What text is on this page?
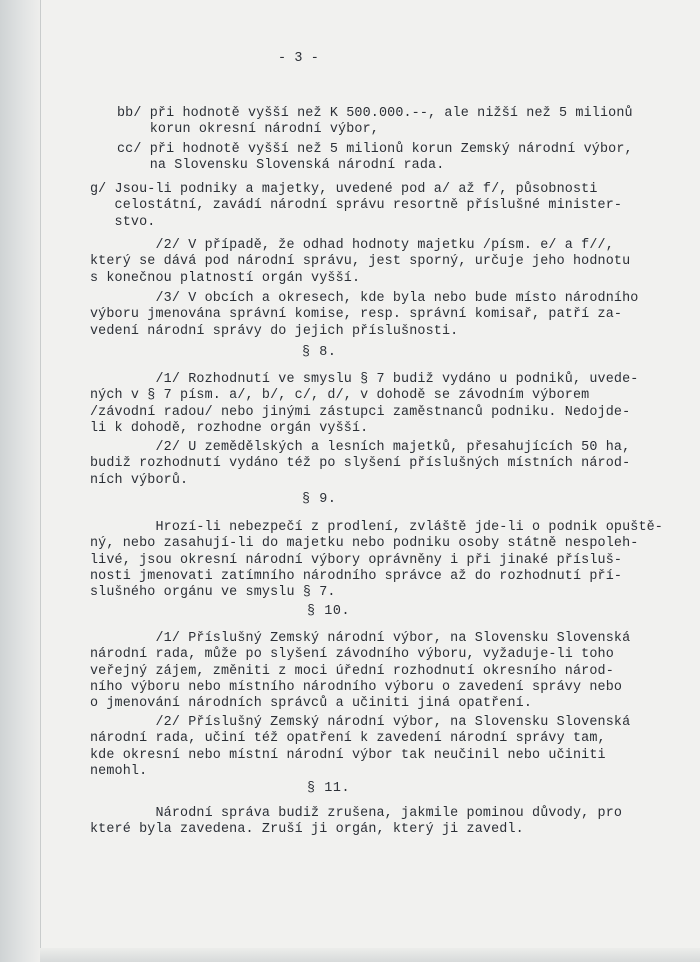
- 3 -

bb/ při hodnotě vyšší než K 500.000.--, ale nižší než 5 milionů
korun okresní národní výbor,

cc/ při hodnotě vyšší než 5 milionů korun Zemský národní výbor,
na Slovensku Slovenská národní rada.

g/ Jsou-li podniky a majetky, uvedené pod a/ až f/, působnosti
celostátní, zavádí národní správu resortně příslušné minister-
stvo.

/2/ V případě, že odhad hodnoty majetku /písm. e/ a f//,
který se dává pod národní správu, jest sporný, určuje jeho hodnotu
s konečnou platností orgán vyšší.

/3/ V obcích a okresech, kde byla nebo bude místo národního
výboru jmenována správní komise, resp. správní komisař, patří za-
vedení národní správy do jejich příslušnosti.

§ 8.

/1/ Rozhodnutí ve smyslu § 7 budiž vydáno u podniků, uvede-
ných v § 7 písm. a/, b/, c/, d/, v dohodě se závodním výborem
/závodní radou/ nebo jinými zástupci zaměstnanců podniku. Nedojde-
li k dohodě, rozhodne orgán vyšší.

/2/ U zemědělských a lesních majetků, přesahujících 50 ha,
budiž rozhodnutí vydáno též po slyšení příslušných místních národ-
ních výborů.

§ 9.

Hrozí-li nebezpečí z prodlení, zvláště jde-li o podnik opuště-
ný, nebo zasahují-li do majetku nebo podniku osoby státně nespoleh-
livé, jsou okresní národní výbory oprávněny i při jinaké přísluš-
nosti jmenovati zatímního národního správce až do rozhodnutí pří-
slušného orgánu ve smyslu § 7.

§ 10.

/1/ Příslušný Zemský národní výbor, na Slovensku Slovenská
národní rada, může po slyšení závodního výboru, vyžaduje-li toho
veřejný zájem, změniti z moci úřední rozhodnutí okresního národ-
ního výboru nebo místního národního výboru o zavedení správy nebo
o jmenování národních správců a učiniti jiná opatření.

/2/ Příslušný Zemský národní výbor, na Slovensku Slovenská
národní rada, učiní též opatření k zavedení národní správy tam,
kde okresní nebo místní národní výbor tak neučinil nebo učiniti
nemohl.

§ 11.

Národní správa budiž zrušena, jakmile pominou důvody, pro
které byla zavedena. Zruší ji orgán, který ji zavedl.
